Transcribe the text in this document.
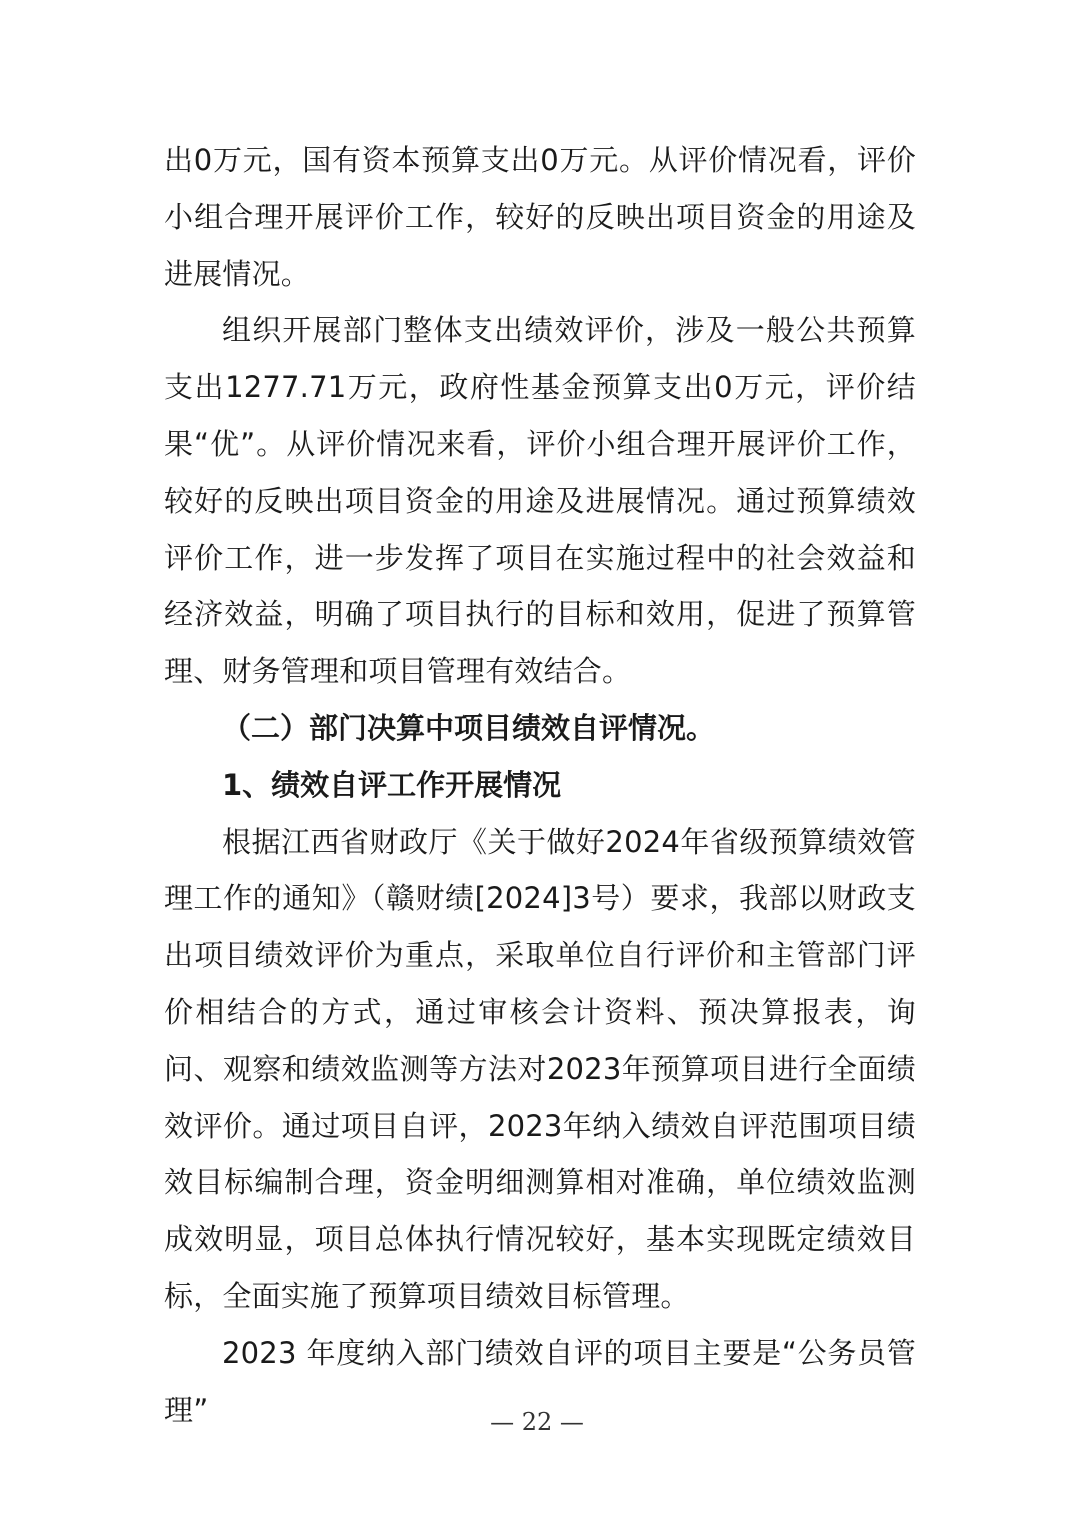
出0万元，国有资本预算支出0万元。从评价情况看，评价小组合理开展评价工作，较好的反映出项目资金的用途及进展情况。

组织开展部门整体支出绩效评价，涉及一般公共预算支出1277.71万元，政府性基金预算支出0万元，评价结果“优”。从评价情况来看，评价小组合理开展评价工作，较好的反映出项目资金的用途及进展情况。通过预算绩效评价工作，进一步发挥了项目在实施过程中的社会效益和经济效益，明确了项目执行的目标和效用，促进了预算管理、财务管理和项目管理有效结合。

（二）部门决算中项目绩效自评情况。

1、绩效自评工作开展情况

根据江西省财政厅《关于做好2024年省级预算绩效管理工作的通知》（赣财绩[2024]3号）要求，我部以财政支出项目绩效评价为重点，采取单位自行评价和主管部门评价相结合的方式，通过审核会计资料、预决算报表，询问、观察和绩效监测等方法对2023年预算项目进行全面绩效评价。通过项目自评，2023年纳入绩效自评范围项目绩效目标编制合理，资金明细测算相对准确，单位绩效监测成效明显，项目总体执行情况较好，基本实现既定绩效目标，全面实施了预算项目绩效目标管理。

2023 年度纳入部门绩效自评的项目主要是“公务员管理”	— 22 —
